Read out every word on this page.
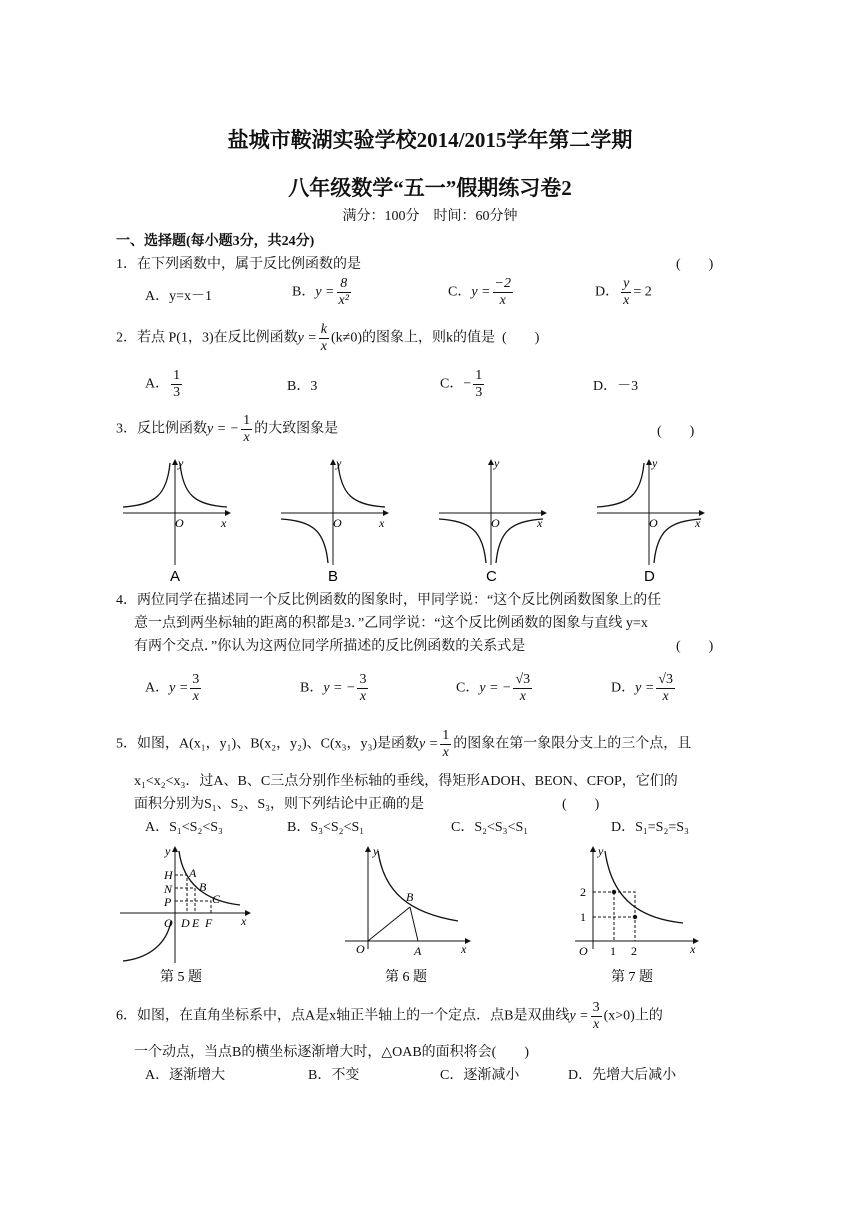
盐城市鞍湖实验学校2014/2015学年第二学期
八年级数学“五一”假期练习卷2
满分：100分　时间：60分钟
一、选择题(每小题3分，共24分)
1．在下列函数中，属于反比例函数的是	(　　)
A．y=x－1	B．$y = \frac{8}{\text{x²}}$	C．$y = \frac{-2}{x}$	D． $\frac{y}{x} = 2$
2．若点 P(1，3)在反比例函数$y = \frac{k}{x} (k\ne 0)$的图象上，则k的值是 (　　)
A． $\frac{1}{3}$	B．3	C．− $\frac{1}{3}$	D．－3
3．反比例函数y = − $\frac{1}{x}$ 的大致图象是	(　　)
y
x
O
A
y
x
O
B
y
x
O
C
y
x
O
D
4．两位同学在描述同一个反比例函数的图象时，甲同学说：“这个反比例函数图象上的任
意一点到两坐标轴的距离的积都是3．”乙同学说：“这个反比例函数的图象与直线 y=x
有两个交点．”你认为这两位同学所描述的反比例函数的关系式是	(　　)
A．$y = \frac{3}{x}$	B．y = − $\frac{3}{x}$	C．y = − $\frac{√3}{x}$	D．$y = \frac{√3}{x}$
5．如图，A(x₁，y₁)、B(x₂，y₂)、C(x₃，y₃)是函数$y = \frac{1}{x}$ 的图象在第一象限分支上的三个点，且
x₁<x₂<x₃．过A、B、C三点分别作坐标轴的垂线，得矩形ADOH、BEON、CFOP，它们的
面积分别为S₁、S₂、S₃，则下列结论中正确的是	(　　)
A．S₁<S₂<S₃	B．S₃<S₂<S₁	C．S₂<S₃<S₁	D．S₁=S₂=S₃
y
H
N
P
O
A
B
C
D E F x
第 5 题
y
B
O	A	x
第 6 题
y
2
1
O 1 2	x
第 7 题
6．如图，在直角坐标系中，点A是x轴正半轴上的一个定点．点B是双曲线$y = \frac{3}{x} (x>0)$上的
一个动点，当点B的横坐标逐渐增大时，△OAB的面积将会(　　)
A．逐渐增大	B．不变	C．逐渐减小	D．先增大后减小
